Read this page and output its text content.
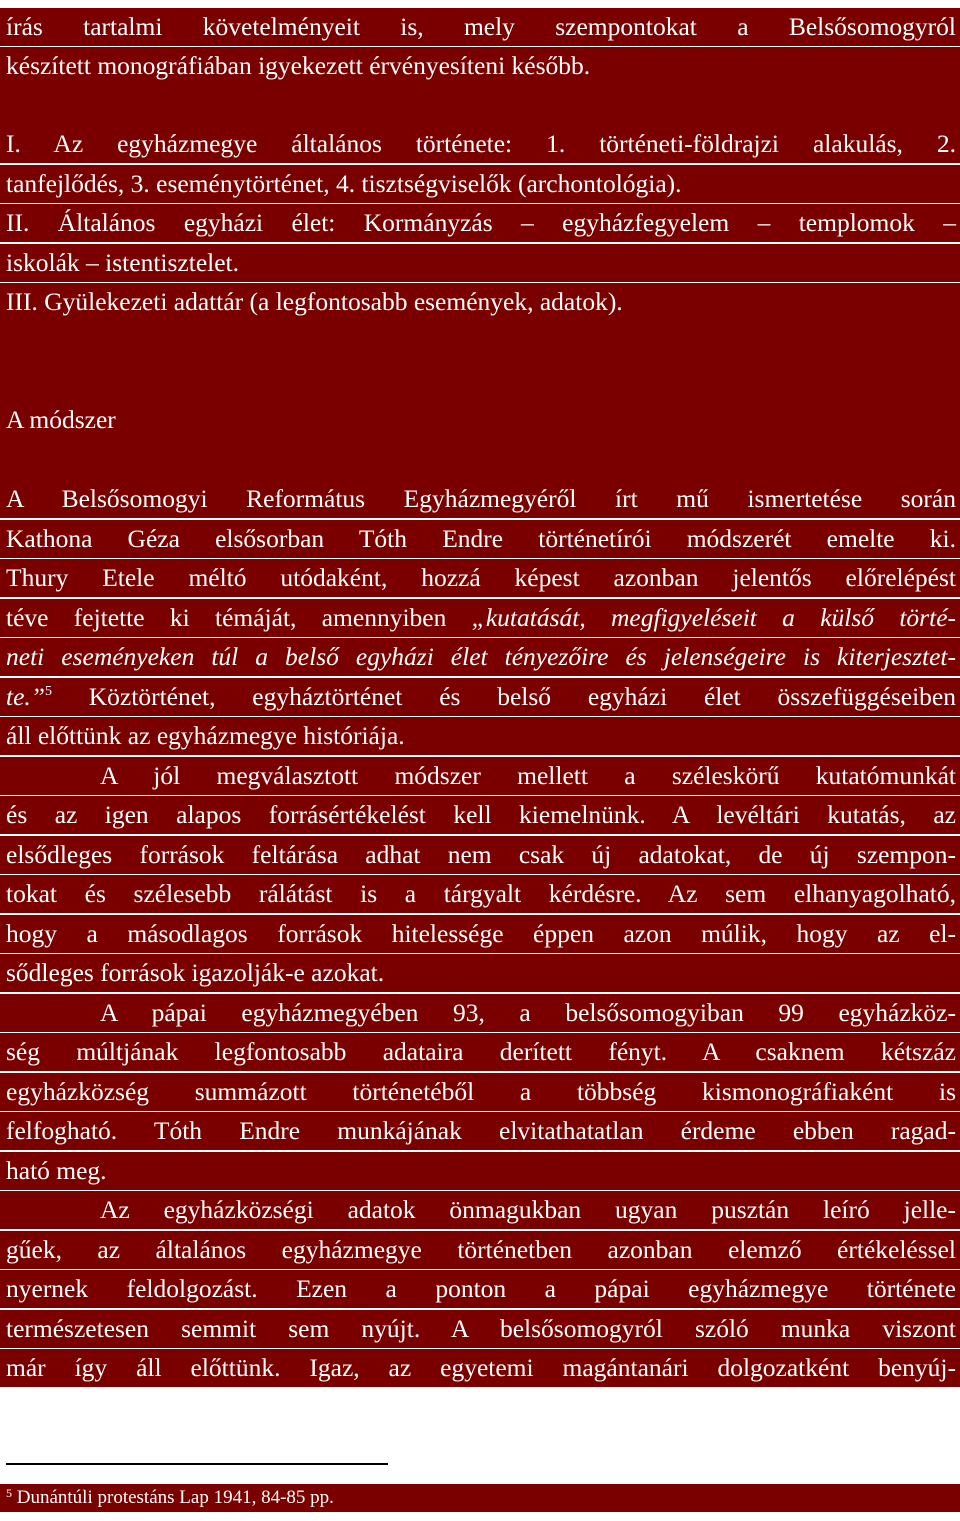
írás tartalmi követelményeit is, mely szempontokat a Belsősomogyról
készített monográfiában igyekezett érvényesíteni később.
I. Az egyházmegye általános története: 1. történeti-földrajzi alakulás, 2.
tanfejlődés, 3. eseménytörténet, 4. tisztségviselők (archontológia).
II. Általános egyházi élet: Kormányzás – egyházfegyelem – templomok –
iskolák – istentisztelet.
III. Gyülekezeti adattár (a legfontosabb események, adatok).
A módszer
A Belsősomogyi Református Egyházmegyéről írt mű ismertetése során
Kathona Géza elsősorban Tóth Endre történetírói módszerét emelte ki.
Thury Etele méltó utódaként, hozzá képest azonban jelentős előrelépést
téve fejtette ki témáját, amennyiben „kutatását, megfigyeléseit a külső törté-
neti eseményeken túl a belső egyházi élet tényezőire és jelenségeire is kiterjesztet-
te.”$^5$ Köztörténet, egyháztörténet és belső egyházi élet összefüggéseiben
áll előttünk az egyházmegye históriája.
A jól megválasztott módszer mellett a széleskörű kutatómunkát
és az igen alapos forrásértékelést kell kiemelnünk. A levéltári kutatás, az
elsődleges források feltárása adhat nem csak új adatokat, de új szempon-
tokat és szélesebb rálátást is a tárgyalt kérdésre. Az sem elhanyagolható,
hogy a másodlagos források hitelessége éppen azon múlik, hogy az el-
sődleges források igazolják-e azokat.
A pápai egyházmegyében 93, a belsősomogyiban 99 egyházköz-
ség múltjának legfontosabb adataira derített fényt. A csaknem kétszáz
egyházközség summázott történetéből a többség kismonográfiaként is
felfogható. Tóth Endre munkájának elvitathatatlan érdeme ebben ragad-
ható meg.
Az egyházközségi adatok önmagukban ugyan pusztán leíró jelle-
gűek, az általános egyházmegye történetben azonban elemző értékeléssel
nyernek feldolgozást. Ezen a ponton a pápai egyházmegye története
természetesen semmit sem nyújt. A belsősomogyról szóló munka viszont
már így áll előttünk. Igaz, az egyetemi magántanári dolgozatként benyúj-
$^5$ Dunántúli protestáns Lap 1941, 84-85 pp.
